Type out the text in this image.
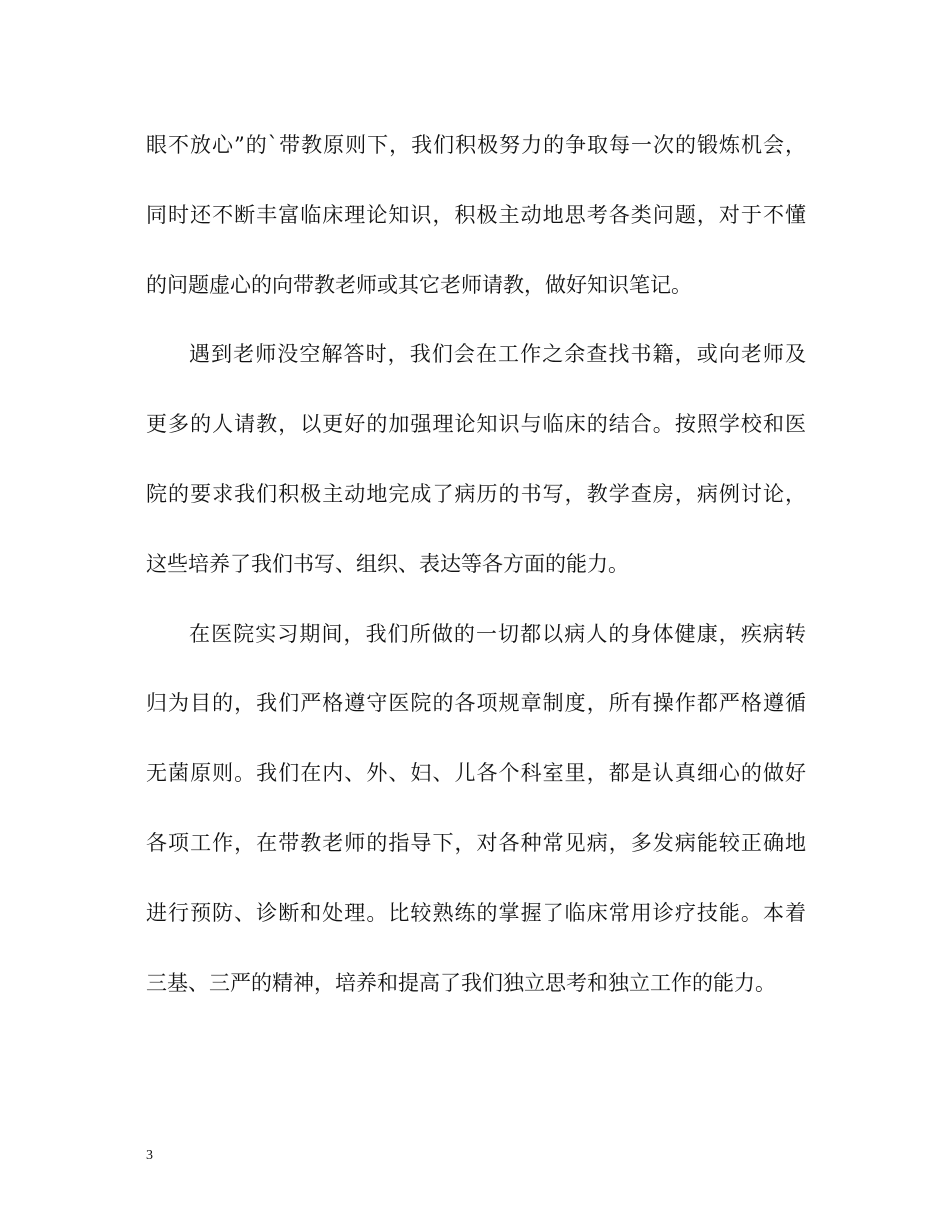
眼不放心”的`带教原则下，我们积极努力的争取每一次的锻炼机会，
同时还不断丰富临床理论知识，积极主动地思考各类问题，对于不懂
的问题虚心的向带教老师或其它老师请教，做好知识笔记。
遇到老师没空解答时，我们会在工作之余查找书籍，或向老师及
更多的人请教，以更好的加强理论知识与临床的结合。按照学校和医
院的要求我们积极主动地完成了病历的书写，教学查房，病例讨论，
这些培养了我们书写、组织、表达等各方面的能力。
在医院实习期间，我们所做的一切都以病人的身体健康，疾病转
归为目的，我们严格遵守医院的各项规章制度，所有操作都严格遵循
无菌原则。我们在内、外、妇、儿各个科室里，都是认真细心的做好
各项工作，在带教老师的指导下，对各种常见病，多发病能较正确地
进行预防、诊断和处理。比较熟练的掌握了临床常用诊疗技能。本着
三基、三严的精神，培养和提高了我们独立思考和独立工作的能力。
3
